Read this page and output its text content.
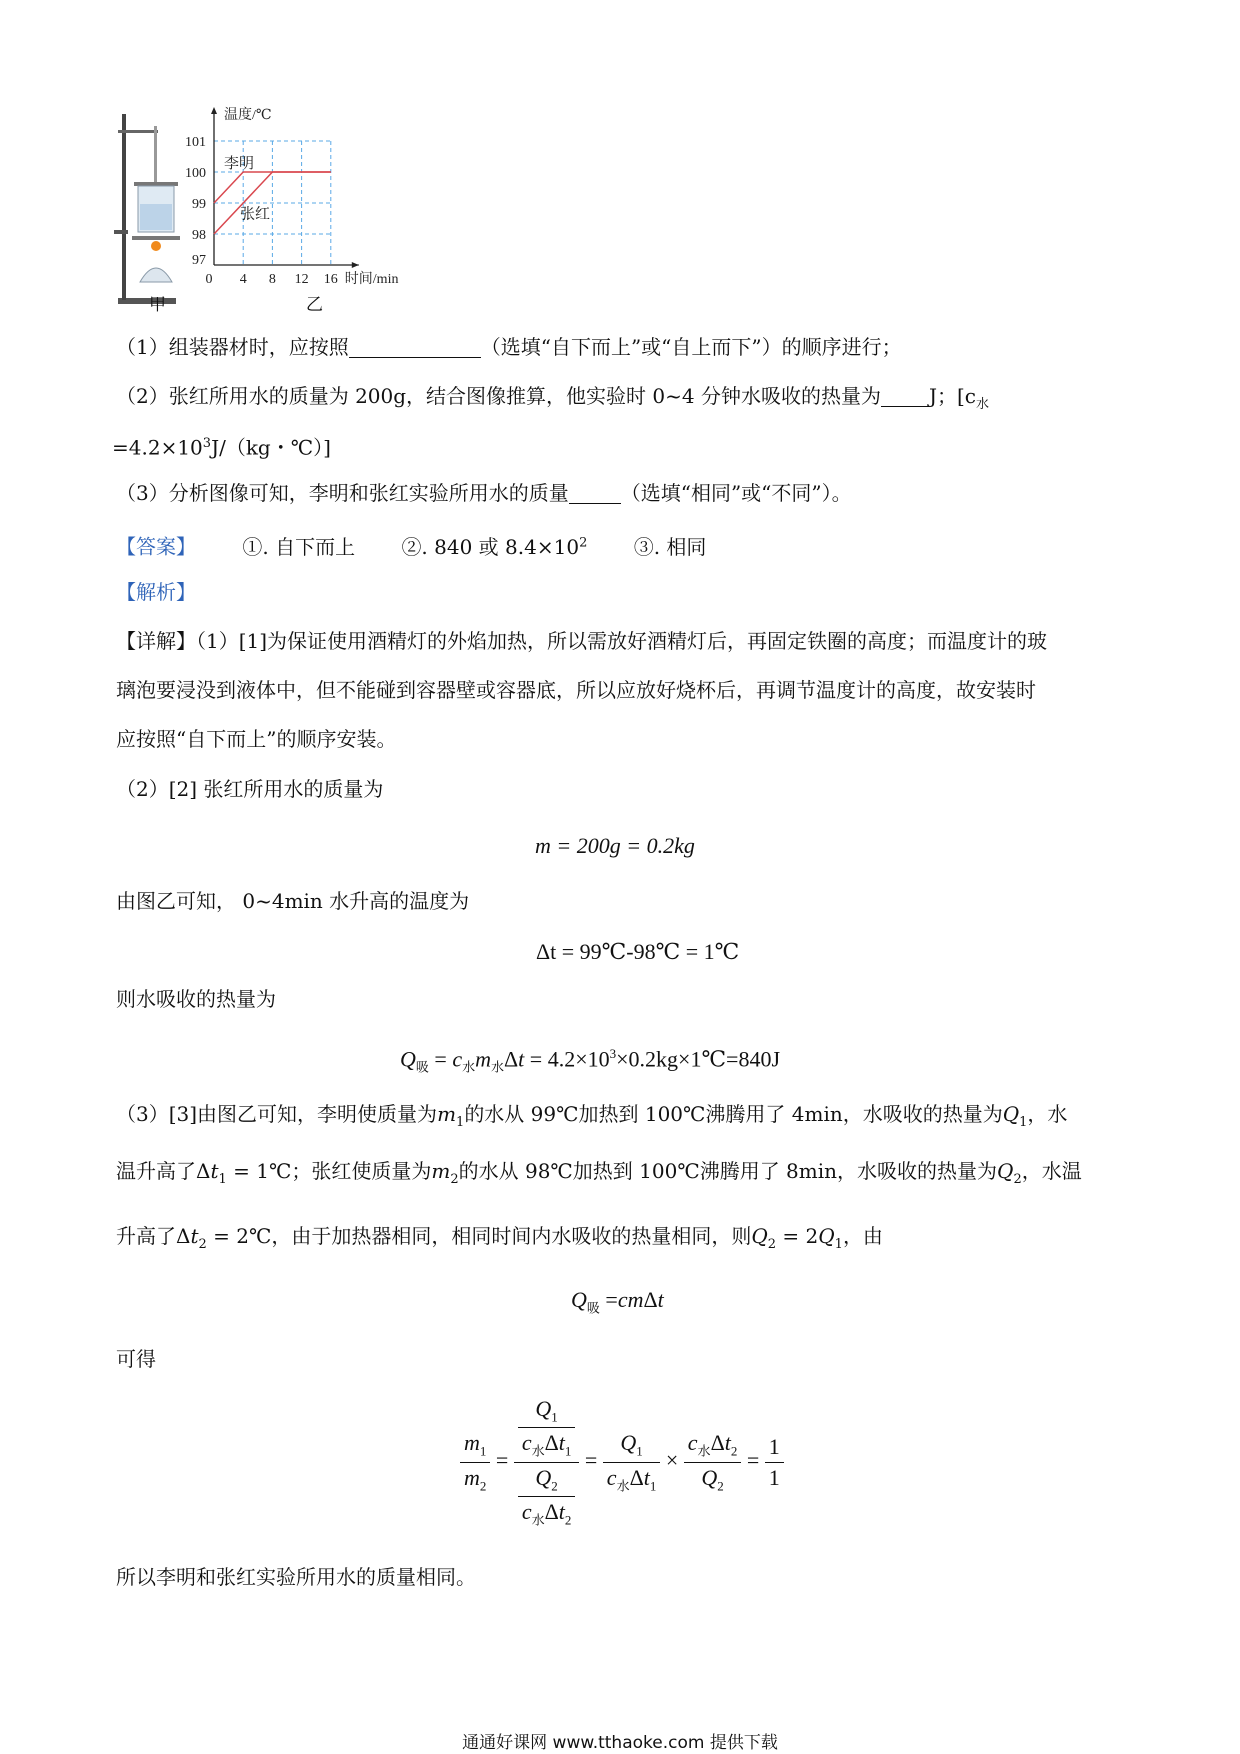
甲
0 4 8 12 16
97
98
99
100
101
温度/℃
时间/min
李明
张红
乙
（1）组装器材时，应按照	（选填“自下而上”或“自上而下”）的顺序进行；
（2）张红所用水的质量为 200g，结合图像推算，他实验时 0~4 分钟水吸收的热量为 J；[$c_水$
$=4.2\times 10^3J/(kg$・℃）]
（3）分析图像可知，李明和张红实验所用水的质量	（选填“相同”或“不同”）。
【答案】 ①. 自下而上 ②. 840 或 $8.4\times 10^2$ ③. 相同
【解析】
【详解】（1）[1]为保证使用酒精灯的外焰加热，所以需放好酒精灯后，再固定铁圈的高度；而温度计的玻
璃泡要浸没到液体中，但不能碰到容器壁或容器底，所以应放好烧杯后，再调节温度计的高度，故安装时
应按照“自下而上”的顺序安装。
（2）[2] 张红所用水的质量为
m = 200g = 0.2kg
由图乙可知， 0~4min 水升高的温度为
Δt = 99℃-98℃ = 1℃
则水吸收的热量为
$Q_吸 = c_水m_水\Delta t$ = $4.2\times 10^3\times 0.2kg\times 1℃=840J$
（3）[3]由图乙可知，李明使质量为$m_1$的水从 99℃加热到 100℃沸腾用了 4min，水吸收的热量为$Q_1$，水
温升高了$\Delta t_1$ = 1℃；张红使质量为$m_2$的水从 98℃加热到 100℃沸腾用了 8min，水吸收的热量为$Q_2$，水温
升高了$\Delta t_2$ = 2℃，由于加热器相同，相同时间内水吸收的热量相同，则$Q_2 = 2Q_1$，由
$Q_吸 =cm\Delta t$
可得
$\frac{m_1}{m_2} = \frac{\frac{Q_1}{c_水\Delta t_1}}{\frac{Q_2}{c_水\Delta t_2}} = \frac{Q_1}{c_水\Delta t_1} \times \frac{c_水\Delta t_2}{Q_2} = \frac{1}{1}$
所以李明和张红实验所用水的质量相同。
通通好课网 www.tthaoke.com 提供下载
